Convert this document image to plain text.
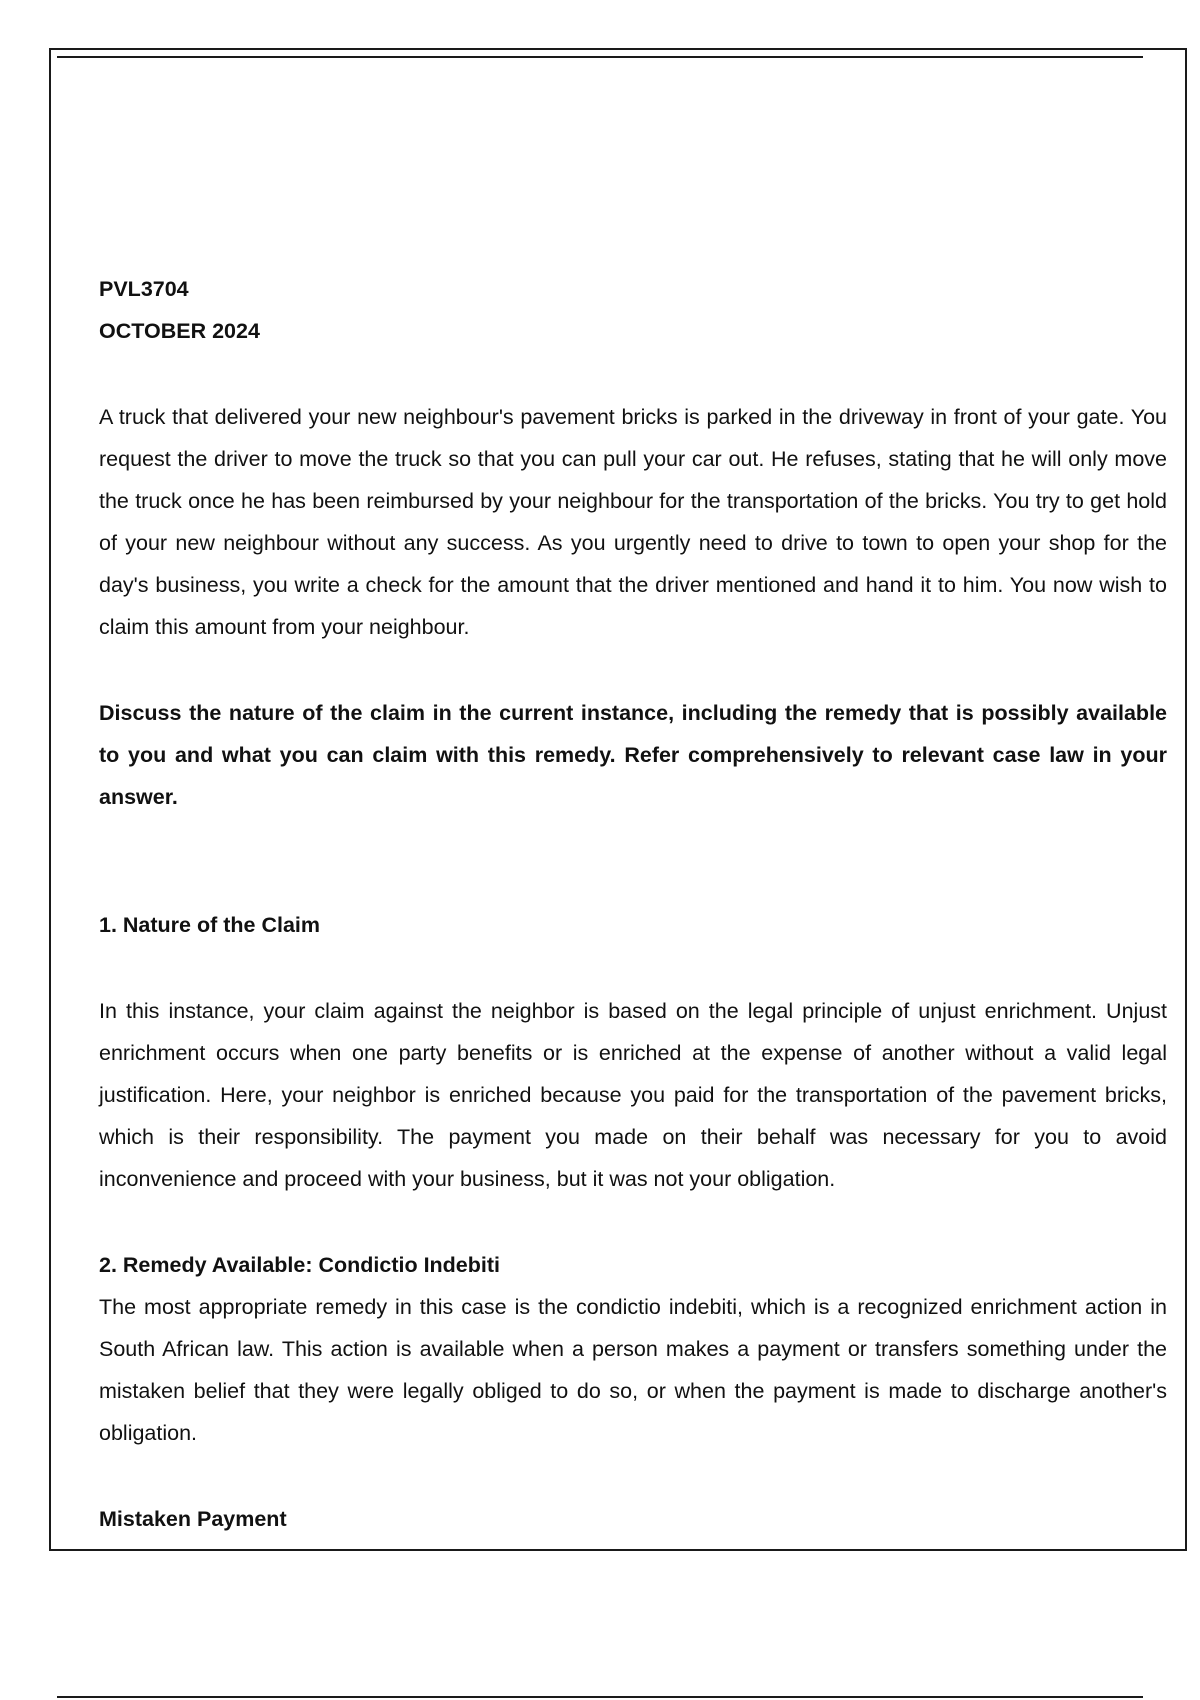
PVL3704
OCTOBER 2024

A truck that delivered your new neighbour's pavement bricks is parked in the driveway in front of your gate. You request the driver to move the truck so that you can pull your car out. He refuses, stating that he will only move the truck once he has been reimbursed by your neighbour for the transportation of the bricks. You try to get hold of your new neighbour without any success. As you urgently need to drive to town to open your shop for the day's business, you write a check for the amount that the driver mentioned and hand it to him. You now wish to claim this amount from your neighbour.

Discuss the nature of the claim in the current instance, including the remedy that is possibly available to you and what you can claim with this remedy. Refer comprehensively to relevant case law in your answer.

1. Nature of the Claim

In this instance, your claim against the neighbor is based on the legal principle of unjust enrichment. Unjust enrichment occurs when one party benefits or is enriched at the expense of another without a valid legal justification. Here, your neighbor is enriched because you paid for the transportation of the pavement bricks, which is their responsibility. The payment you made on their behalf was necessary for you to avoid inconvenience and proceed with your business, but it was not your obligation.

2. Remedy Available: Condictio Indebiti

The most appropriate remedy in this case is the condictio indebiti, which is a recognized enrichment action in South African law. This action is available when a person makes a payment or transfers something under the mistaken belief that they were legally obliged to do so, or when the payment is made to discharge another's obligation.

Mistaken Payment
